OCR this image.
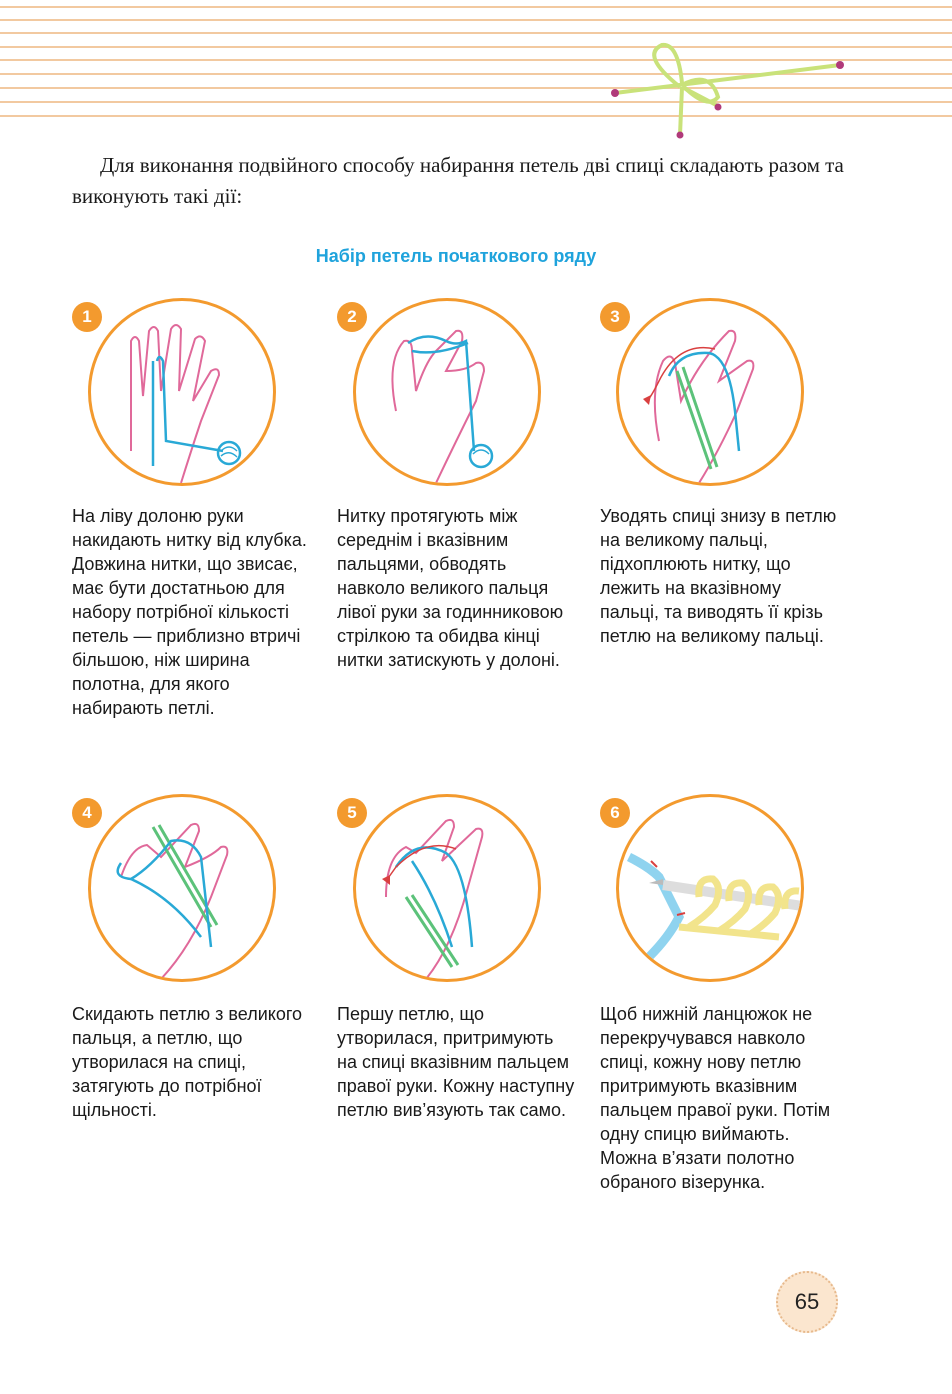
Для виконання подвійного способу набирання петель дві спиці складають разом та виконують такі дії:

Набір петель початкового ряду
1

На ліву долоню руки накидають нитку від клубка. Довжина нитки, що звисає, має бути достатньою для набору потрібної кількості петель — приблизно втричі більшою, ніж ширина полотна, для якого набирають петлі.

2

Нитку протягують між середнім і вказівним пальцями, обводять навколо великого пальця лівої руки за годинниковою стрілкою та обидва кінці нитки затискують у долоні.

3

Уводять спиці знизу в петлю на великому пальці, підхоплюють нитку, що лежить на вказівному пальці, та виводять її крізь петлю на великому пальці.

4

Скидають петлю з великого пальця, а петлю, що утворилася на спиці, затягують до потрібної щільності.

5

Першу петлю, що утворилася, притримують на спиці вказівним пальцем правої руки. Кожну наступну петлю вив’язують так само.

6

Щоб нижній ланцюжок не перекручувався навколо спиці, кожну нову петлю притримують вказівним пальцем правої руки. Потім одну спицю виймають. Можна в’язати полотно обраного візерунка.

65
